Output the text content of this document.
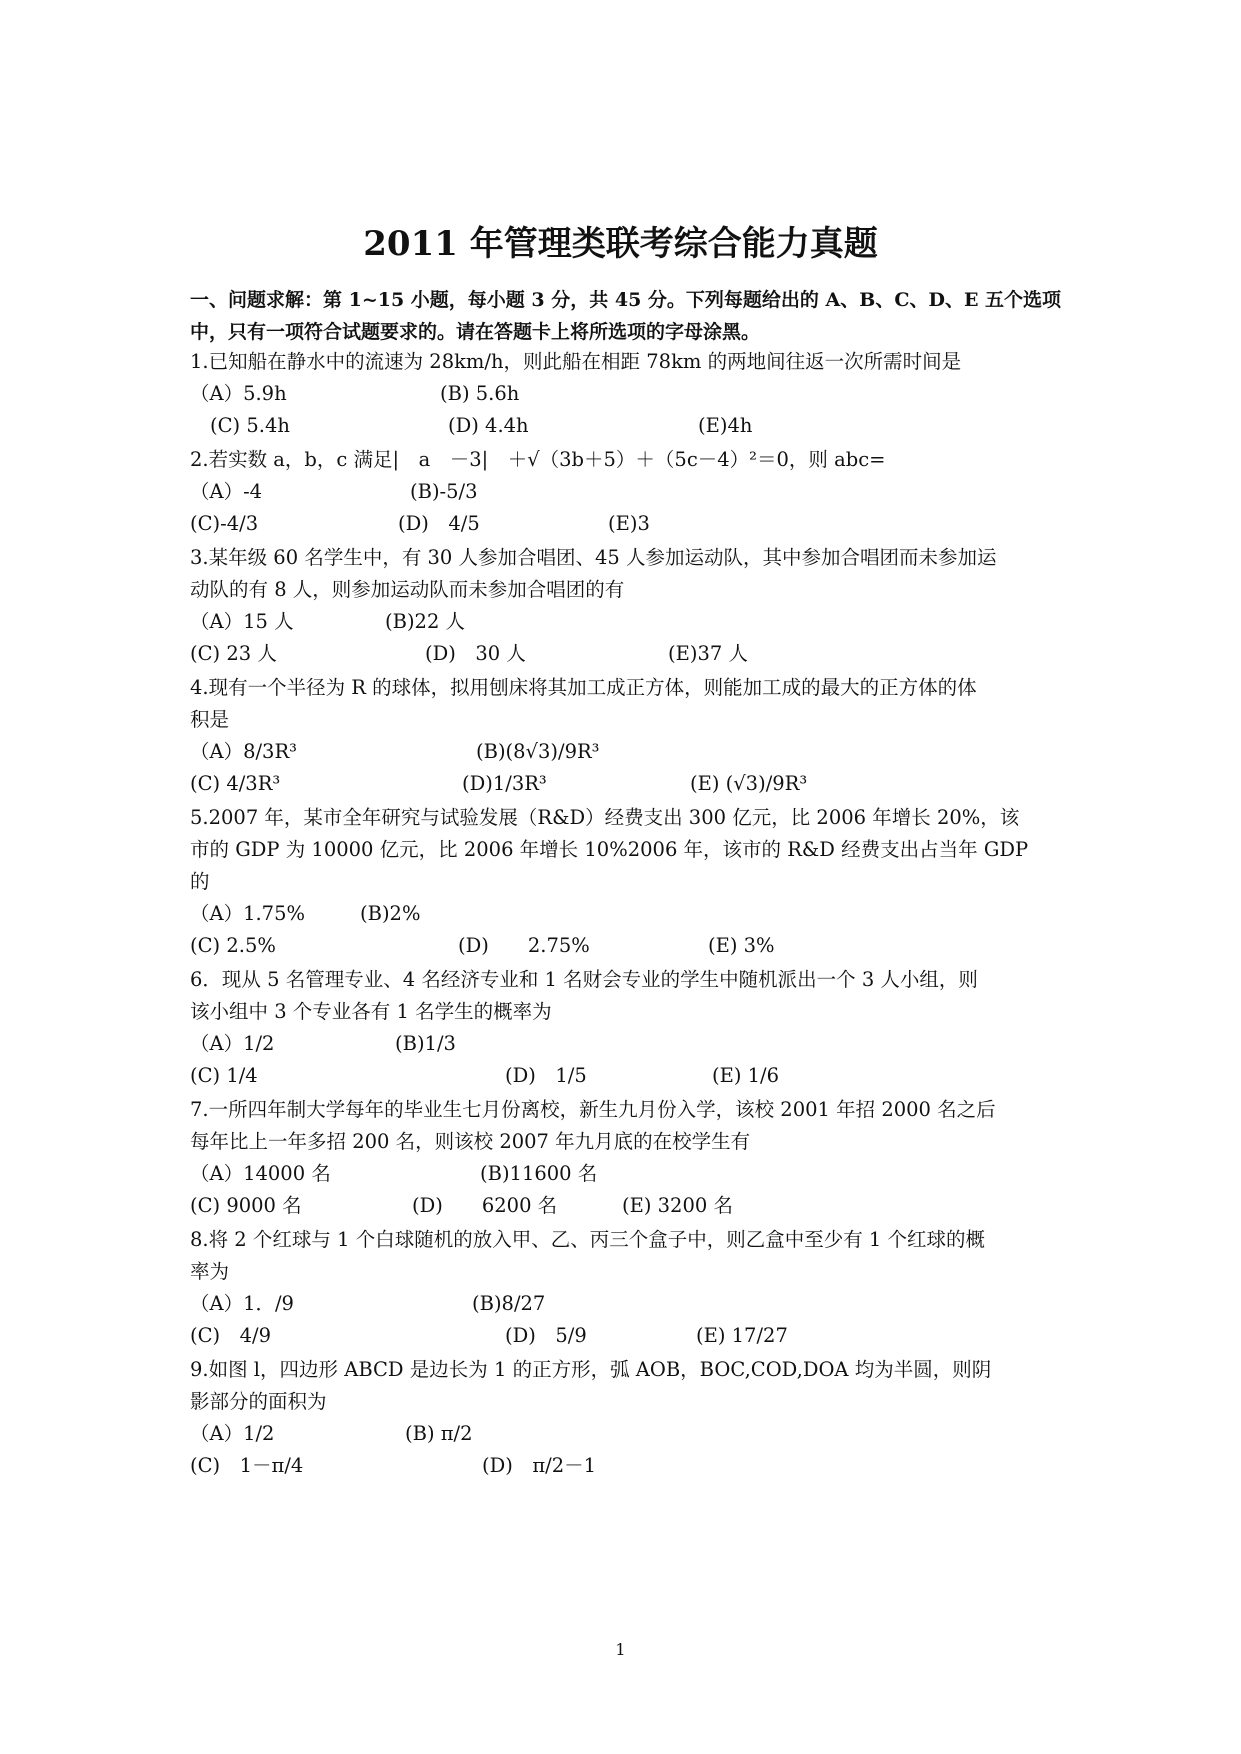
2011 年管理类联考综合能力真题
一、问题求解：第 1~15 小题，每小题 3 分，共 45 分。下列每题给出的 A、B、C、D、E 五个选项中，只有一项符合试题要求的。请在答题卡上将所选项的字母涂黑。
1.已知船在静水中的流速为 28km/h，则此船在相距 78km 的两地间往返一次所需时间是
（A）5.9h	(B) 5.6h
(C) 5.4h	(D) 4.4h	(E)4h
2.若实数 a，b，c 满足|　a　－3|　＋√（3b＋5）＋（5c－4）²＝0，则 abc=
（A）-4	(B)-5/3
(C)-4/3	(D)　4/5	(E)3
3.某年级 60 名学生中，有 30 人参加合唱团、45 人参加运动队，其中参加合唱团而未参加运
动队的有 8 人，则参加运动队而未参加合唱团的有
（A）15 人	(B)22 人
(C) 23 人	(D)　30 人	(E)37 人
4.现有一个半径为 R 的球体，拟用刨床将其加工成正方体，则能加工成的最大的正方体的体
积是
（A）8/3R³	(B)(8√3)/9R³
(C) 4/3R³	(D)1/3R³	(E) (√3)/9R³
5.2007 年，某市全年研究与试验发展（R&D）经费支出 300 亿元，比 2006 年增长 20%，该
市的 GDP 为 10000 亿元，比 2006 年增长 10%2006 年，该市的 R&D 经费支出占当年 GDP
的
（A）1.75%	(B)2%
(C) 2.5%	(D)　　2.75%	(E) 3%
6．现从 5 名管理专业、4 名经济专业和 1 名财会专业的学生中随机派出一个 3 人小组，则
该小组中 3 个专业各有 1 名学生的概率为
（A）1/2	(B)1/3
(C) 1/4	(D)　1/5	(E) 1/6
7.一所四年制大学每年的毕业生七月份离校，新生九月份入学，该校 2001 年招 2000 名之后
每年比上一年多招 200 名，则该校 2007 年九月底的在校学生有
（A）14000 名	(B)11600 名
(C) 9000 名	(D)　　6200 名	(E) 3200 名
8.将 2 个红球与 1 个白球随机的放入甲、乙、丙三个盒子中，则乙盒中至少有 1 个红球的概
率为
（A）1．/9	(B)8/27
(C)　4/9	(D)　5/9	(E) 17/27
9.如图 l，四边形 ABCD 是边长为 1 的正方形，弧 AOB，BOC,COD,DOA 均为半圆，则阴
影部分的面积为
（A）1/2	(B) π/2
(C)　1－π/4	(D)　π/2－1
1
